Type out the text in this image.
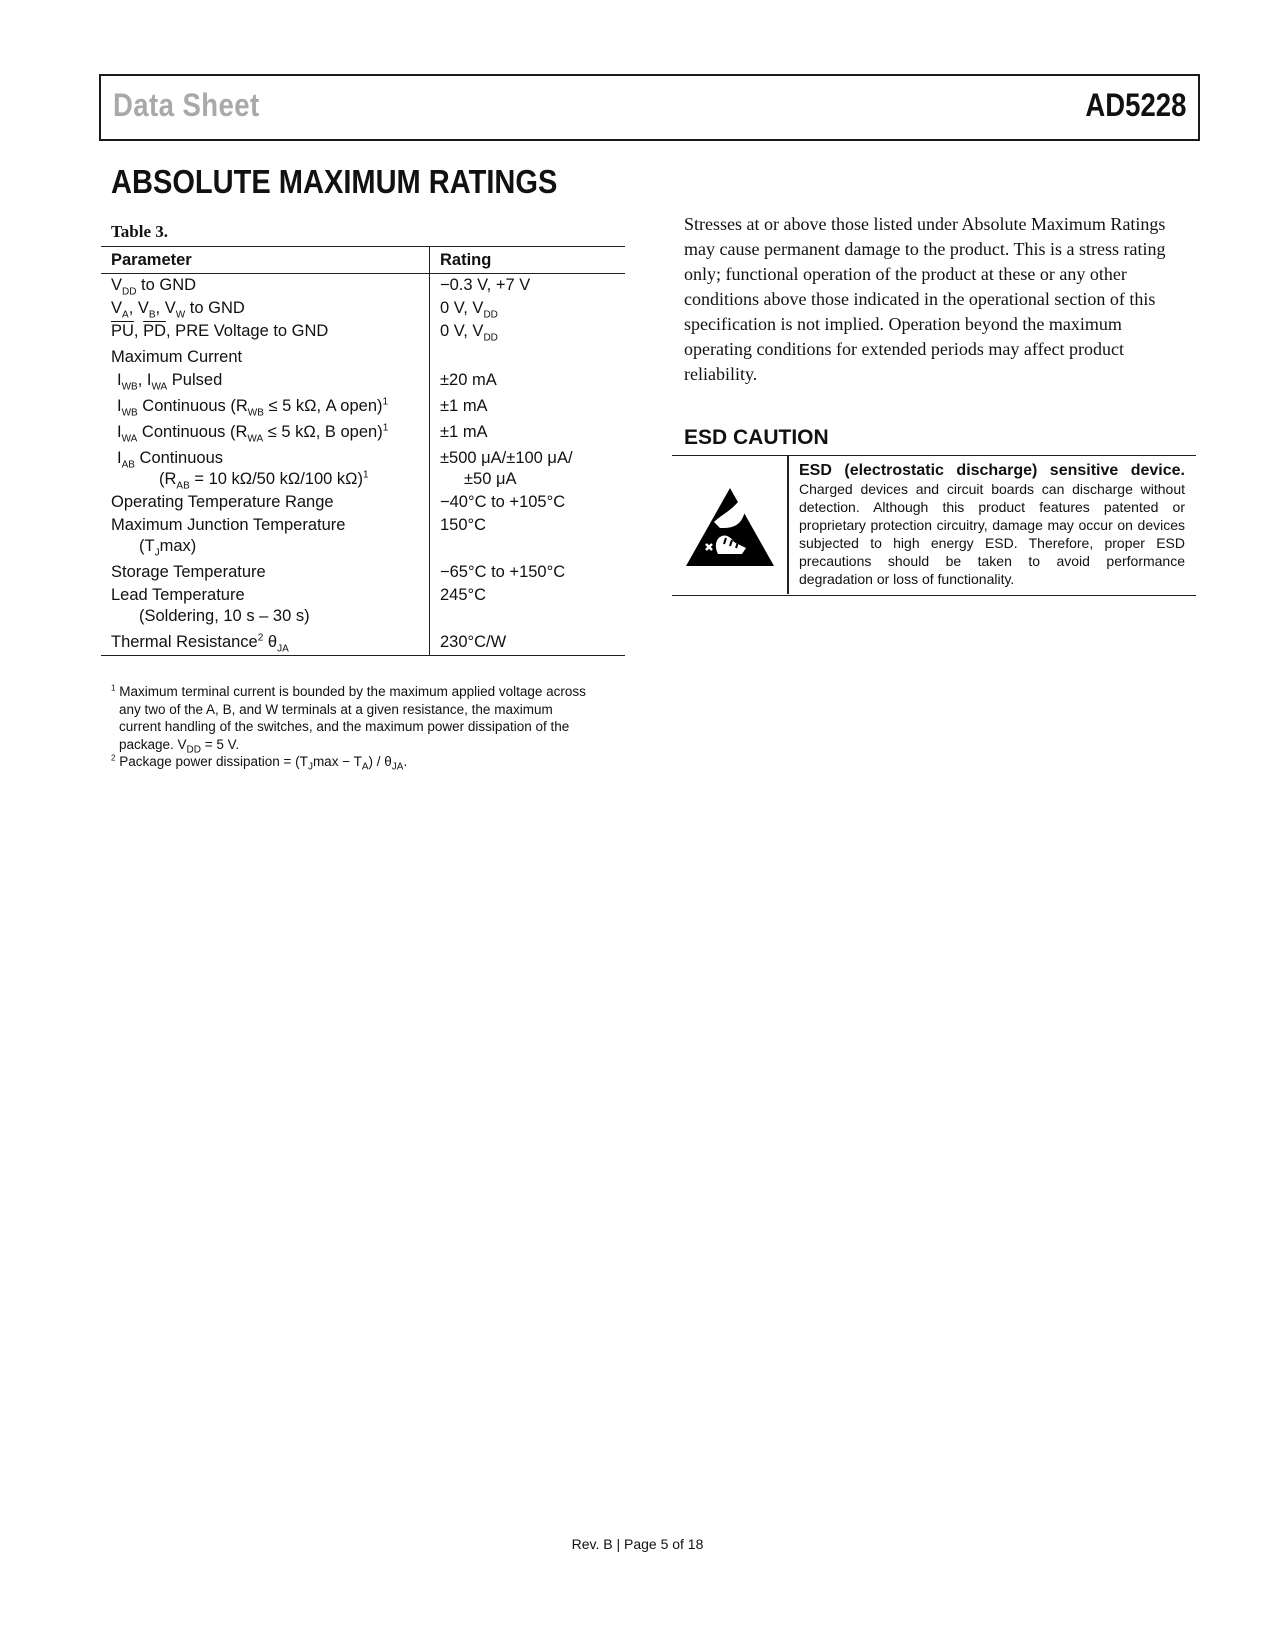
Data Sheet	AD5228
ABSOLUTE MAXIMUM RATINGS
Table 3.
Parameter	Rating
$V_{DD}$ to GND	−0.3 V, +7 V
$V_A$, $V_B$, $V_W$ to GND	0 V, $V_{DD}$
$\overline{PU}$, $\overline{PD}$, PRE Voltage to GND	0 V, $V_{DD}$
Maximum Current	
$I_{WB}$, $I_{WA}$ Pulsed	±20 mA
$I_{WB}$ Continuous ($R_{WB} \le 5$ kΩ, A open)$^1$	±1 mA
$I_{WA}$ Continuous ($R_{WA} \le 5$ kΩ, B open)$^1$	±1 mA
$I_{AB}$ Continuous
($R_{AB} = 10$ kΩ/50 kΩ/100 kΩ)$^1$	±500 μA/±100 μA/
±50 μA

Operating Temperature Range	−40°C to +105°C

Maximum Junction Temperature
$(T_J\max)$	150°C
Storage Temperature	−65°C to +150°C

Lead Temperature
(Soldering, 10 s – 30 s)	245°C
Thermal Resistance$^2$ $\theta_{JA}$	230°C/W
$^1$ Maximum terminal current is bounded by the maximum applied voltage across any two of the A, B, and W terminals at a given resistance, the maximum current handling of the switches, and the maximum power dissipation of the package. $V_{DD} = 5$ V.
$^2$ Package power dissipation = $(T_J\max - T_A) / \theta_{JA}$.
Stresses at or above those listed under Absolute Maximum Ratings may cause permanent damage to the product. This is a stress rating only; functional operation of the product at these or any other conditions above those indicated in the operational section of this specification is not implied. Operation beyond the maximum operating conditions for extended periods may affect product reliability.
ESD CAUTION
ESD (electrostatic discharge) sensitive device.
Charged devices and circuit boards can discharge without detection. Although this product features patented or proprietary protection circuitry, damage may occur on devices subjected to high energy ESD. Therefore, proper ESD precautions should be taken to avoid performance degradation or loss of functionality.
Rev. B | Page 5 of 18
